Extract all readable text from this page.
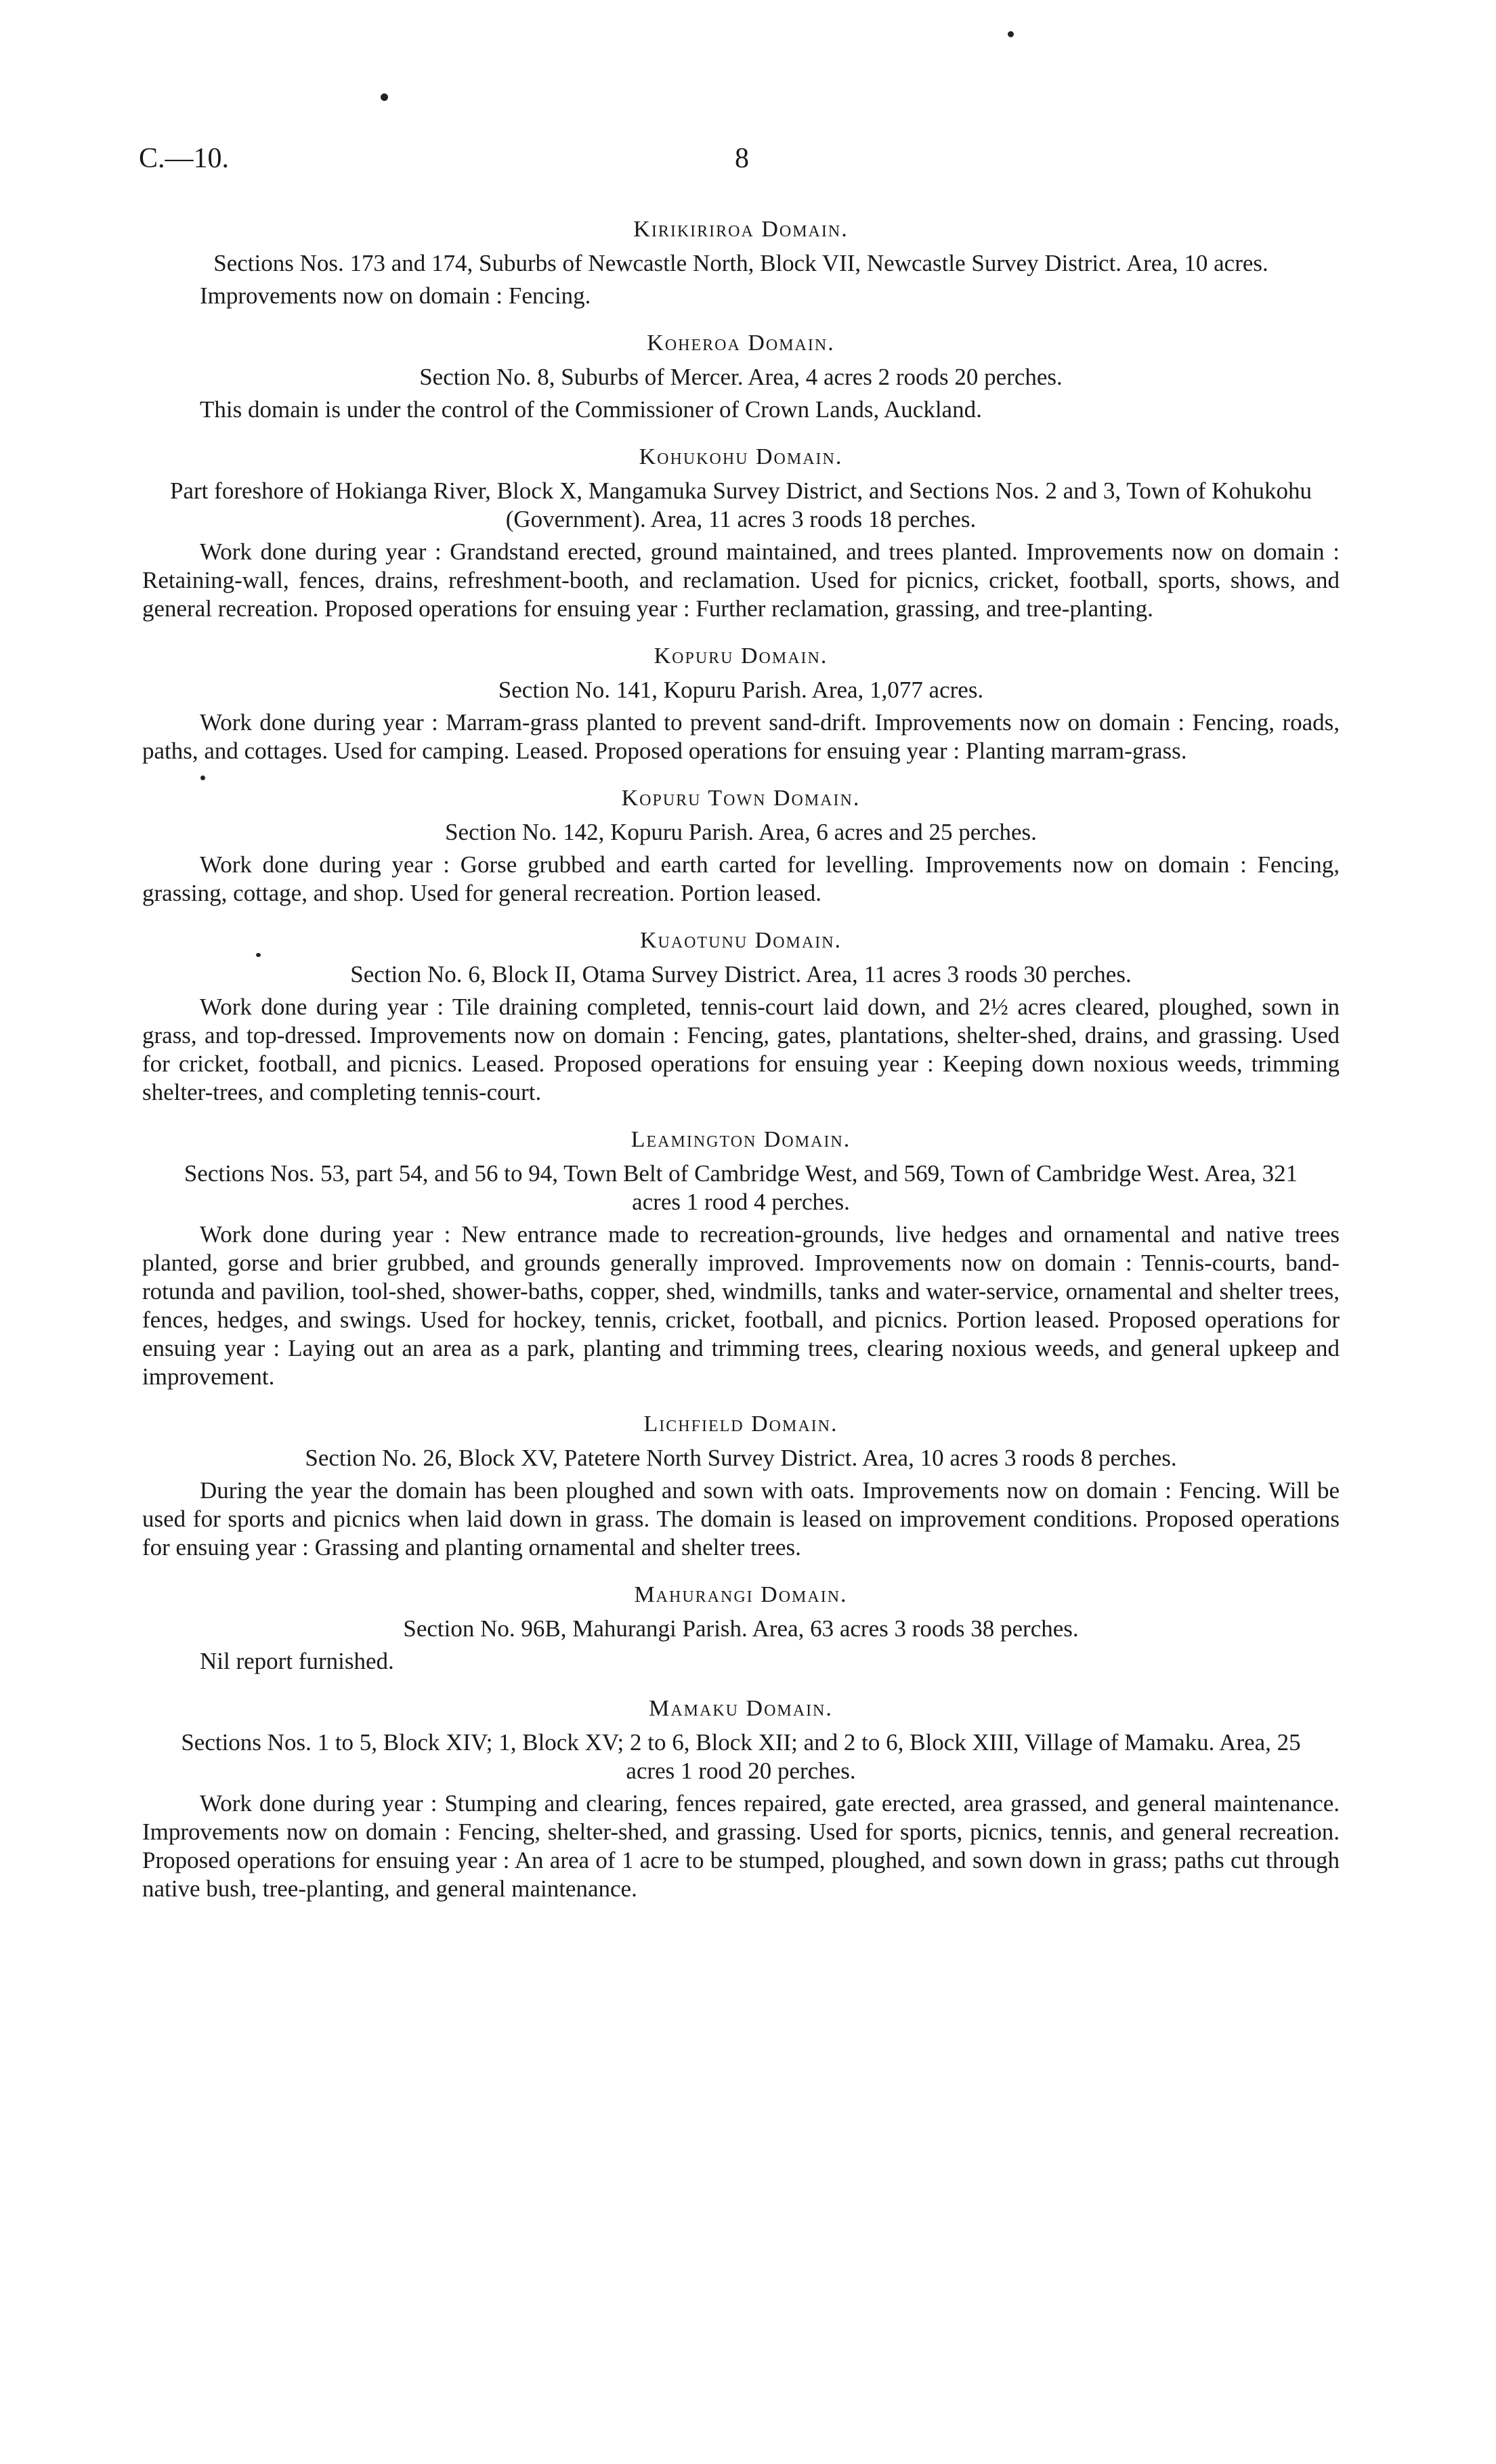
C.—10.	8
Kirikiriroa Domain.
Sections Nos. 173 and 174, Suburbs of Newcastle North, Block VII, Newcastle Survey District. Area, 10 acres.
Improvements now on domain : Fencing.
Koheroa Domain.
Section No. 8, Suburbs of Mercer. Area, 4 acres 2 roods 20 perches.
This domain is under the control of the Commissioner of Crown Lands, Auckland.
Kohukohu Domain.
Part foreshore of Hokianga River, Block X, Mangamuka Survey District, and Sections Nos. 2 and 3, Town of Kohukohu (Government). Area, 11 acres 3 roods 18 perches.
Work done during year : Grandstand erected, ground maintained, and trees planted. Improvements now on domain : Retaining-wall, fences, drains, refreshment-booth, and reclamation. Used for picnics, cricket, football, sports, shows, and general recreation. Proposed operations for ensuing year : Further reclamation, grassing, and tree-planting.
Kopuru Domain.
Section No. 141, Kopuru Parish. Area, 1,077 acres.
Work done during year : Marram-grass planted to prevent sand-drift. Improvements now on domain : Fencing, roads, paths, and cottages. Used for camping. Leased. Proposed operations for ensuing year : Planting marram-grass.
Kopuru Town Domain.
Section No. 142, Kopuru Parish. Area, 6 acres and 25 perches.
Work done during year : Gorse grubbed and earth carted for levelling. Improvements now on domain : Fencing, grassing, cottage, and shop. Used for general recreation. Portion leased.
Kuaotunu Domain.
Section No. 6, Block II, Otama Survey District. Area, 11 acres 3 roods 30 perches.
Work done during year : Tile draining completed, tennis-court laid down, and 2½ acres cleared, ploughed, sown in grass, and top-dressed. Improvements now on domain : Fencing, gates, plantations, shelter-shed, drains, and grassing. Used for cricket, football, and picnics. Leased. Proposed operations for ensuing year : Keeping down noxious weeds, trimming shelter-trees, and completing tennis-court.
Leamington Domain.
Sections Nos. 53, part 54, and 56 to 94, Town Belt of Cambridge West, and 569, Town of Cambridge West. Area, 321 acres 1 rood 4 perches.
Work done during year : New entrance made to recreation-grounds, live hedges and ornamental and native trees planted, gorse and brier grubbed, and grounds generally improved. Improvements now on domain : Tennis-courts, band-rotunda and pavilion, tool-shed, shower-baths, copper, shed, windmills, tanks and water-service, ornamental and shelter trees, fences, hedges, and swings. Used for hockey, tennis, cricket, football, and picnics. Portion leased. Proposed operations for ensuing year : Laying out an area as a park, planting and trimming trees, clearing noxious weeds, and general upkeep and improvement.
Lichfield Domain.
Section No. 26, Block XV, Patetere North Survey District. Area, 10 acres 3 roods 8 perches.
During the year the domain has been ploughed and sown with oats. Improvements now on domain : Fencing. Will be used for sports and picnics when laid down in grass. The domain is leased on improvement conditions. Proposed operations for ensuing year : Grassing and planting ornamental and shelter trees.
Mahurangi Domain.
Section No. 96B, Mahurangi Parish. Area, 63 acres 3 roods 38 perches.
Nil report furnished.
Mamaku Domain.
Sections Nos. 1 to 5, Block XIV; 1, Block XV; 2 to 6, Block XII; and 2 to 6, Block XIII, Village of Mamaku. Area, 25 acres 1 rood 20 perches.
Work done during year : Stumping and clearing, fences repaired, gate erected, area grassed, and general maintenance. Improvements now on domain : Fencing, shelter-shed, and grassing. Used for sports, picnics, tennis, and general recreation. Proposed operations for ensuing year : An area of 1 acre to be stumped, ploughed, and sown down in grass; paths cut through native bush, tree-planting, and general maintenance.
